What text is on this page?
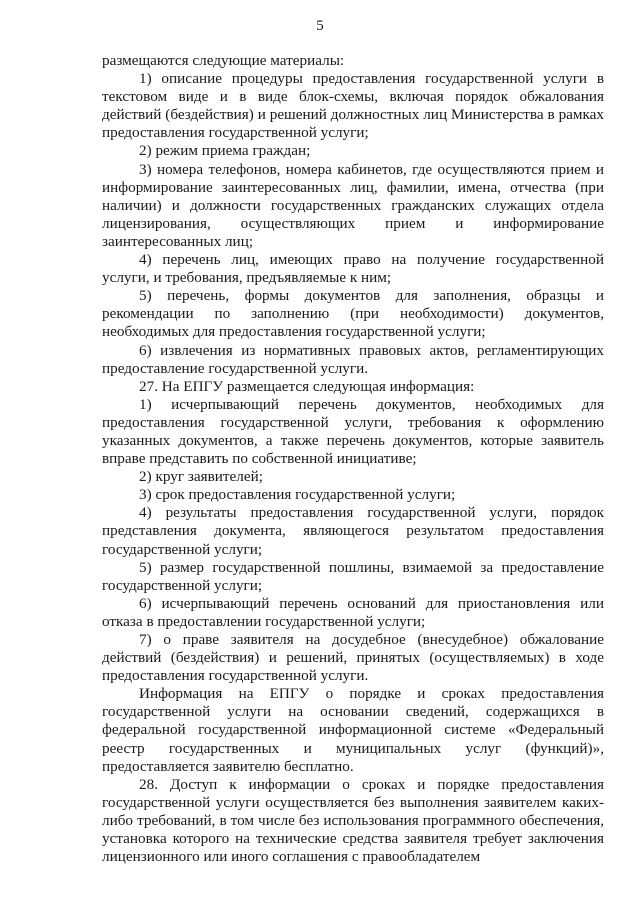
5

размещаются следующие материалы:

1) описание процедуры предоставления государственной услуги в текстовом виде и в виде блок-схемы, включая порядок обжалования действий (бездействия) и решений должностных лиц Министерства в рамках предоставления государственной услуги;

2) режим приема граждан;

3) номера телефонов, номера кабинетов, где осуществляются прием и информирование заинтересованных лиц, фамилии, имена, отчества (при наличии) и должности государственных гражданских служащих отдела лицензирования, осуществляющих прием и информирование заинтересованных лиц;

4) перечень лиц, имеющих право на получение государственной услуги, и требования, предъявляемые к ним;

5) перечень, формы документов для заполнения, образцы и рекомендации по заполнению (при необходимости) документов, необходимых для предоставления государственной услуги;

6) извлечения из нормативных правовых актов, регламентирующих предоставление государственной услуги.

27. На ЕПГУ размещается следующая информация:

1) исчерпывающий перечень документов, необходимых для предоставления государственной услуги, требования к оформлению указанных документов, а также перечень документов, которые заявитель вправе представить по собственной инициативе;

2) круг заявителей;

3) срок предоставления государственной услуги;

4) результаты предоставления государственной услуги, порядок представления документа, являющегося результатом предоставления государственной услуги;

5) размер государственной пошлины, взимаемой за предоставление государственной услуги;

6) исчерпывающий перечень оснований для приостановления или отказа в предоставлении государственной услуги;

7) о праве заявителя на досудебное (внесудебное) обжалование действий (бездействия) и решений, принятых (осуществляемых) в ходе предоставления государственной услуги.

Информация на ЕПГУ о порядке и сроках предоставления государственной услуги на основании сведений, содержащихся в федеральной государственной информационной системе «Федеральный реестр государственных и муниципальных услуг (функций)», предоставляется заявителю бесплатно.

28. Доступ к информации о сроках и порядке предоставления государственной услуги осуществляется без выполнения заявителем каких-либо требований, в том числе без использования программного обеспечения, установка которого на технические средства заявителя требует заключения лицензионного или иного соглашения с правообладателем
